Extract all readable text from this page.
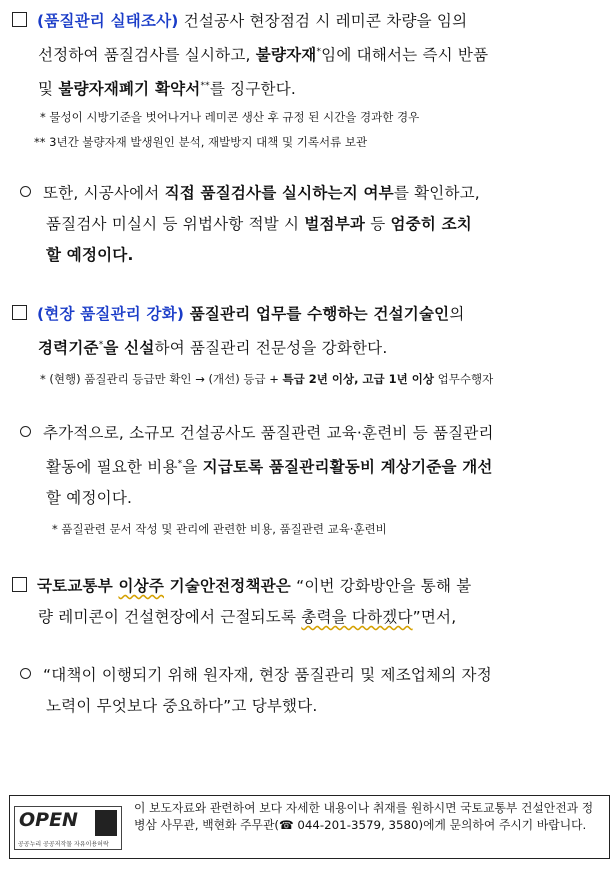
(품질관리 실태조사) 건설공사 현장점검 시 레미콘 차량을 임의
선정하여 품질검사를 실시하고, 불량자재*임에 대해서는 즉시 반품
및 불량자재폐기 확약서**를 징구한다.
* 물성이 시방기준을 벗어나거나 레미콘 생산 후 규정 된 시간을 경과한 경우
** 3년간 불량자재 발생원인 분석, 재발방지 대책 및 기록서류 보관
또한, 시공사에서 직접 품질검사를 실시하는지 여부를 확인하고,
품질검사 미실시 등 위법사항 적발 시 벌점부과 등 엄중히 조치
할 예정이다.
(현장 품질관리 강화) 품질관리 업무를 수행하는 건설기술인의
경력기준*을 신설하여 품질관리 전문성을 강화한다.
* (현행) 품질관리 등급만 확인 → (개선) 등급 + 특급 2년 이상, 고급 1년 이상 업무수행자
추가적으로, 소규모 건설공사도 품질관련 교육·훈련비 등 품질관리
활동에 필요한 비용*을 지급토록 품질관리활동비 계상기준을 개선
할 예정이다.
* 품질관련 문서 작성 및 관리에 관련한 비용, 품질관련 교육·훈련비
국토교통부 이상주 기술안전정책관은 “이번 강화방안을 통해 불
량 레미콘이 건설현장에서 근절되도록 총력을 다하겠다”면서,
“대책이 이행되기 위해 원자재, 현장 품질관리 및 제조업체의 자정
노력이 무엇보다 중요하다”고 당부했다.
OPEN
공공누리 공공저작물 자유이용허락
이 보도자료와 관련하여 보다 자세한 내용이나 취재를 원하시면 국토교통부 건설안전과 정병삼 사무관, 백현화 주무관(☎ 044-201-3579, 3580)에게 문의하여 주시기 바랍니다.
